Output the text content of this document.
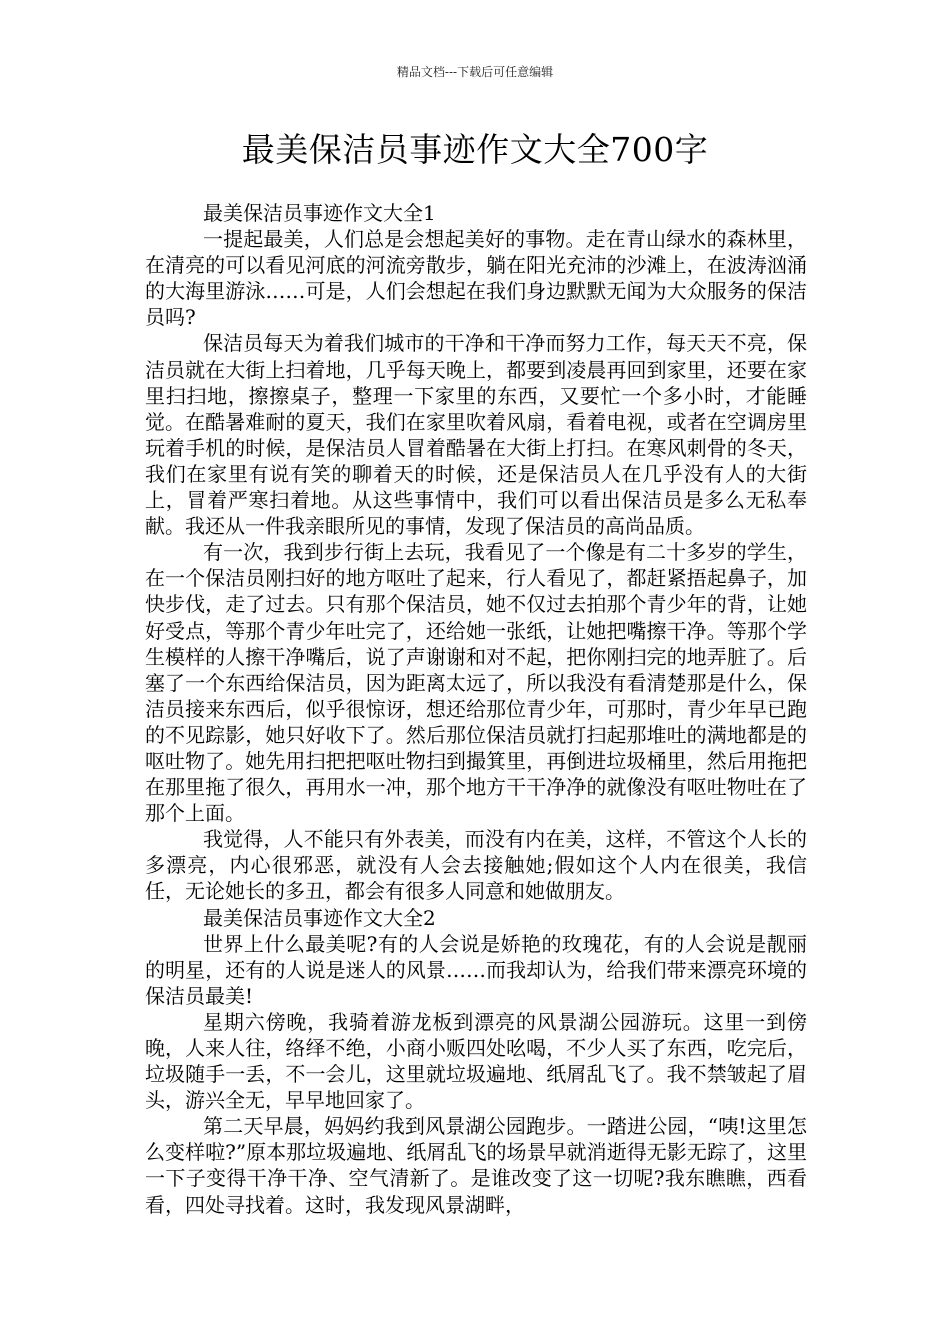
精品文档---下载后可任意编辑
最美保洁员事迹作文大全700字

最美保洁员事迹作文大全1

一提起最美，人们总是会想起美好的事物。走在青山绿水的森林里，在清亮的可以看见河底的河流旁散步，躺在阳光充沛的沙滩上，在波涛汹涌的大海里游泳……可是，人们会想起在我们身边默默无闻为大众服务的保洁员吗?

保洁员每天为着我们城市的干净和干净而努力工作，每天天不亮，保洁员就在大街上扫着地，几乎每天晚上，都要到凌晨再回到家里，还要在家里扫扫地，擦擦桌子，整理一下家里的东西，又要忙一个多小时，才能睡觉。在酷暑难耐的夏天，我们在家里吹着风扇，看着电视，或者在空调房里玩着手机的时候，是保洁员人冒着酷暑在大街上打扫。在寒风刺骨的冬天，我们在家里有说有笑的聊着天的时候，还是保洁员人在几乎没有人的大街上，冒着严寒扫着地。从这些事情中，我们可以看出保洁员是多么无私奉献。我还从一件我亲眼所见的事情，发现了保洁员的高尚品质。

有一次，我到步行街上去玩，我看见了一个像是有二十多岁的学生，在一个保洁员刚扫好的地方呕吐了起来，行人看见了，都赶紧捂起鼻子，加快步伐，走了过去。只有那个保洁员，她不仅过去拍那个青少年的背，让她好受点，等那个青少年吐完了，还给她一张纸，让她把嘴擦干净。等那个学生模样的人擦干净嘴后，说了声谢谢和对不起，把你刚扫完的地弄脏了。后塞了一个东西给保洁员，因为距离太远了，所以我没有看清楚那是什么，保洁员接来东西后，似乎很惊讶，想还给那位青少年，可那时，青少年早已跑的不见踪影，她只好收下了。然后那位保洁员就打扫起那堆吐的满地都是的呕吐物了。她先用扫把把呕吐物扫到撮箕里，再倒进垃圾桶里，然后用拖把在那里拖了很久，再用水一冲，那个地方干干净净的就像没有呕吐物吐在了那个上面。

我觉得，人不能只有外表美，而没有内在美，这样，不管这个人长的多漂亮，内心很邪恶，就没有人会去接触她;假如这个人内在很美，我信任，无论她长的多丑，都会有很多人同意和她做朋友。

最美保洁员事迹作文大全2

世界上什么最美呢?有的人会说是娇艳的玫瑰花，有的人会说是靓丽的明星，还有的人说是迷人的风景……而我却认为，给我们带来漂亮环境的保洁员最美!

星期六傍晚，我骑着游龙板到漂亮的风景湖公园游玩。这里一到傍晚，人来人往，络绎不绝，小商小贩四处吆喝，不少人买了东西，吃完后，垃圾随手一丢，不一会儿，这里就垃圾遍地、纸屑乱飞了。我不禁皱起了眉头，游兴全无，早早地回家了。

第二天早晨，妈妈约我到风景湖公园跑步。一踏进公园，“咦!这里怎么变样啦?”原本那垃圾遍地、纸屑乱飞的场景早就消逝得无影无踪了，这里一下子变得干净干净、空气清新了。是谁改变了这一切呢?我东瞧瞧，西看看，四处寻找着。这时，我发现风景湖畔，
